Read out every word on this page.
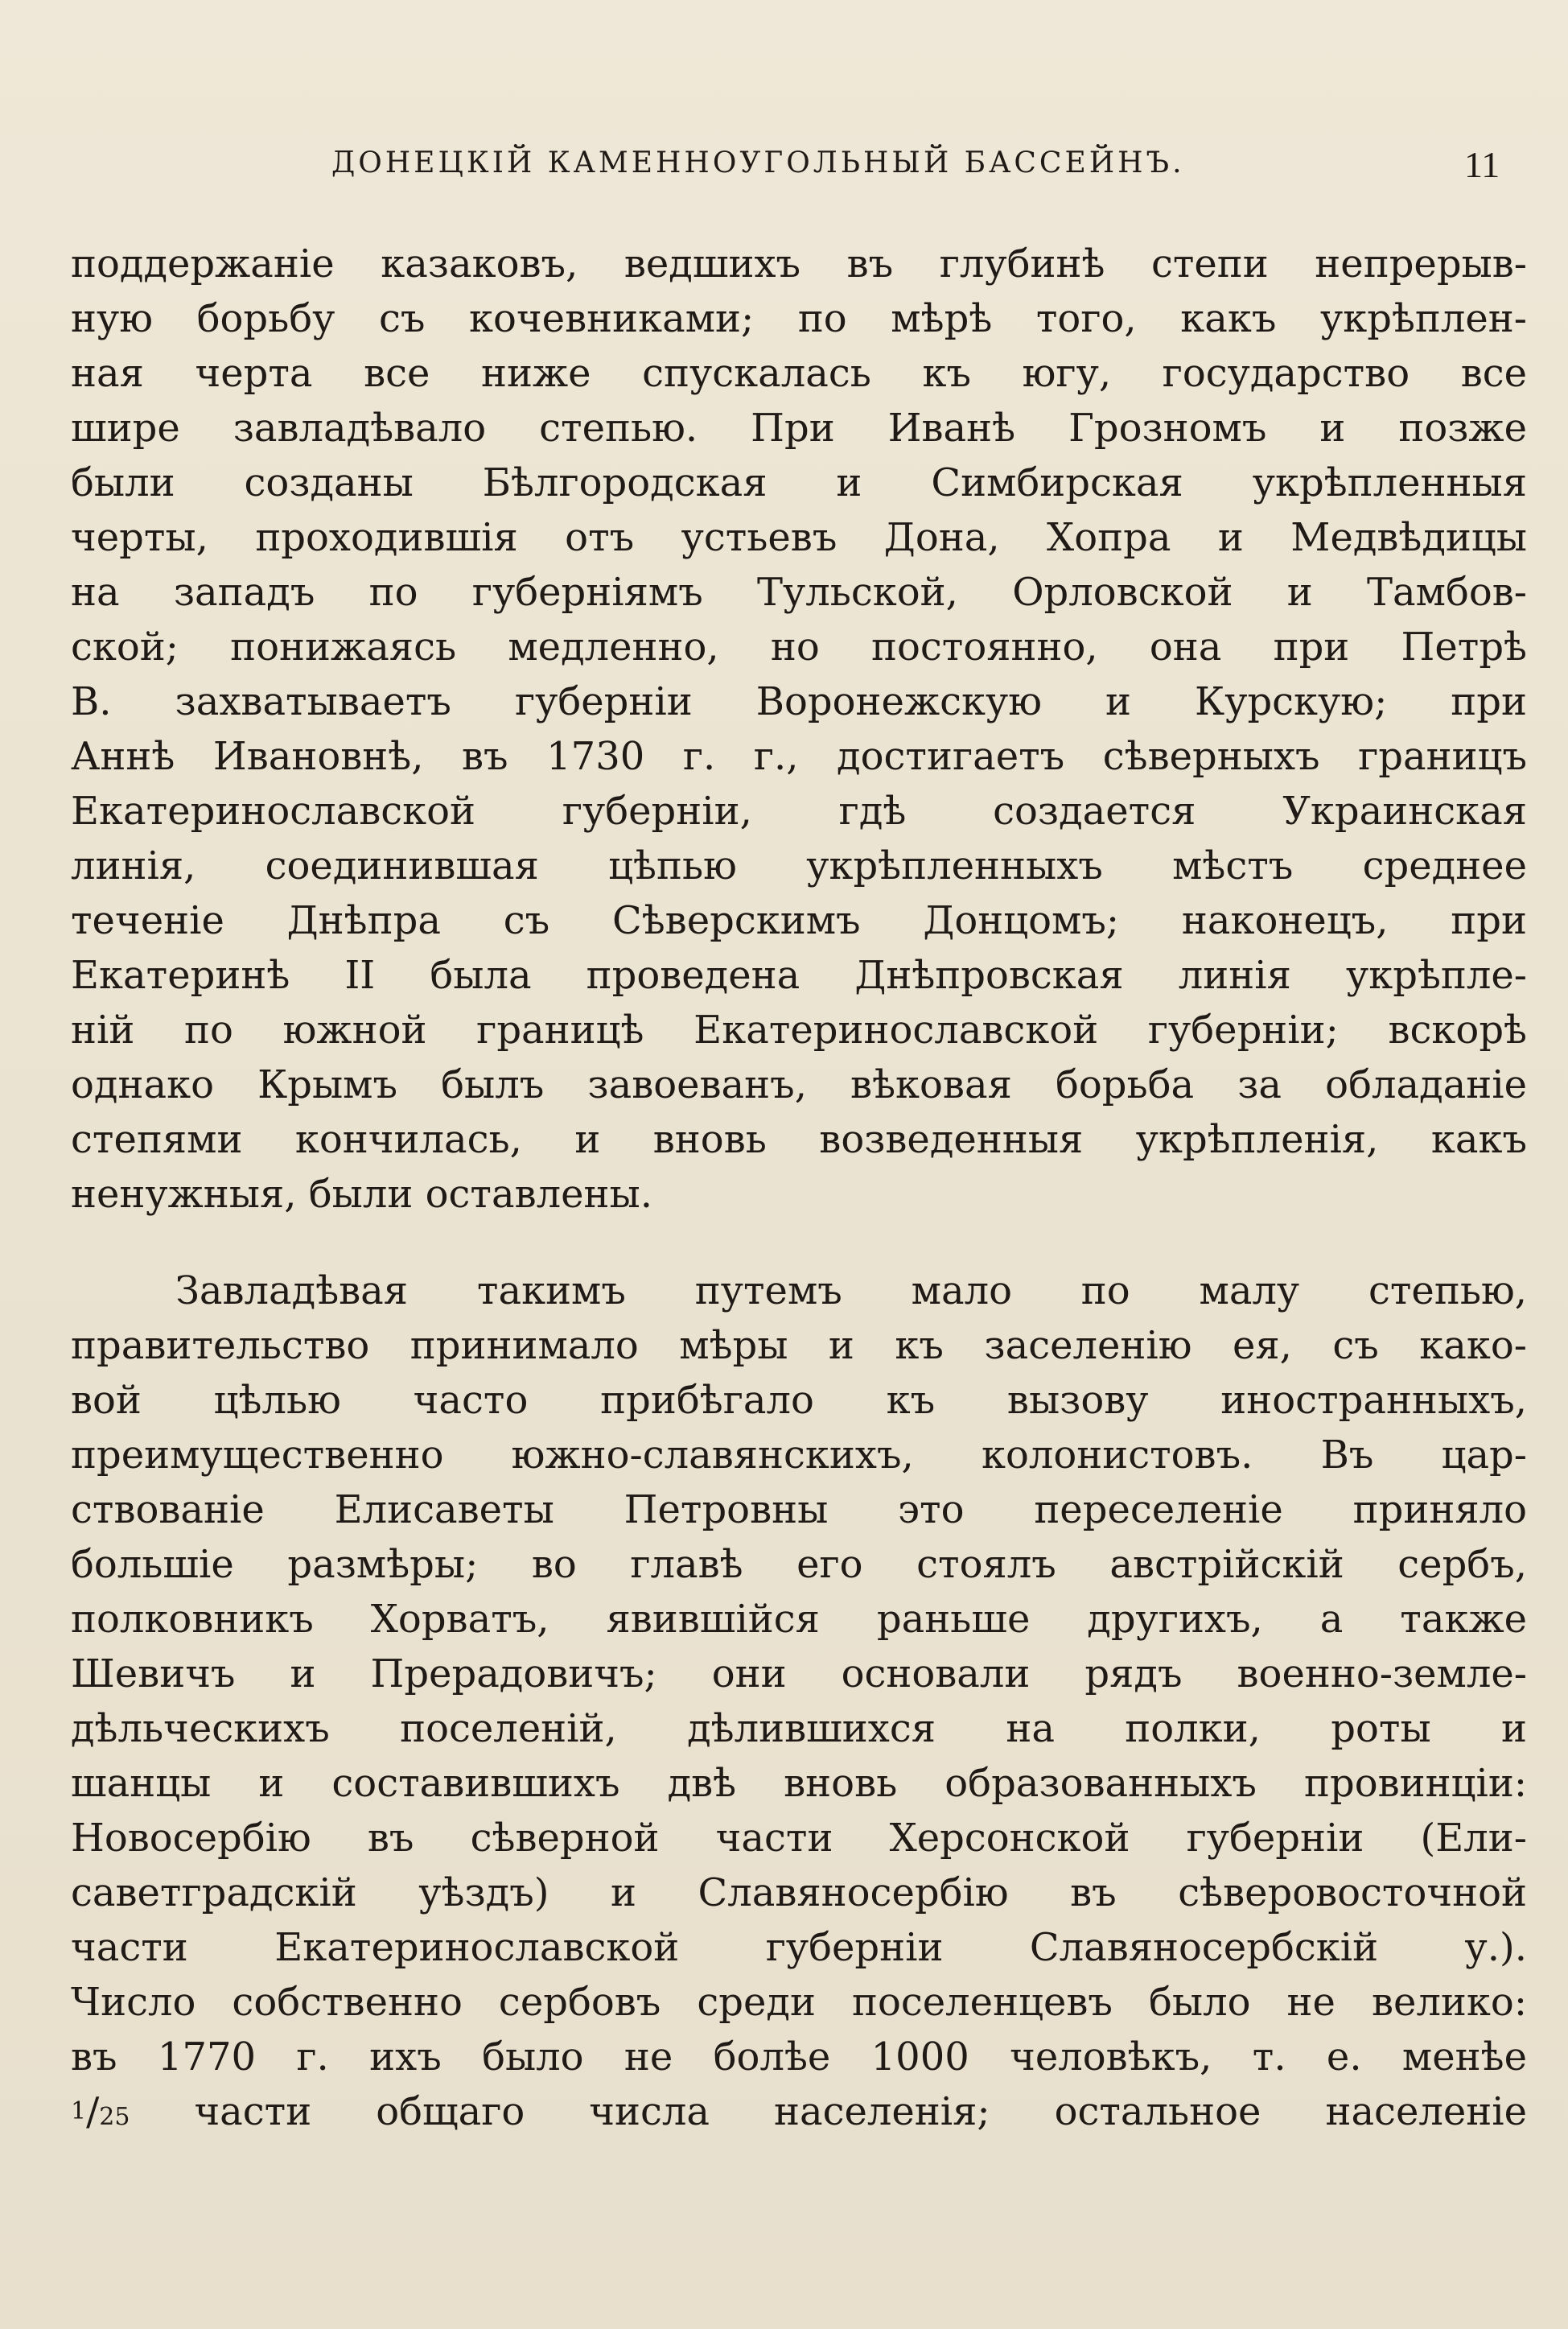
ДОНЕЦКІЙ КАМЕННОУГОЛЬНЫЙ БАССЕЙНЪ.	11
поддержаніе казаковъ, ведшихъ въ глубинѣ степи непрерыв-
ную борьбу съ кочевниками; по мѣрѣ того, какъ укрѣплен-
ная черта все ниже спускалась къ югу, государство все
шире завладѣвало степью. При Иванѣ Грозномъ и позже
были созданы Бѣлгородская и Симбирская укрѣпленныя
черты, проходившія отъ устьевъ Дона, Хопра и Медвѣдицы
на западъ по губерніямъ Тульской, Орловской и Тамбов-
ской; понижаясь медленно, но постоянно, она при Петрѣ
В. захватываетъ губерніи Воронежскую и Курскую; при
Аннѣ Ивановнѣ, въ 1730 г. г., достигаетъ сѣверныхъ границъ
Екатеринославской губерніи, гдѣ создается Украинская
линія, соединившая цѣпью укрѣпленныхъ мѣстъ среднее
теченіе Днѣпра съ Сѣверскимъ Донцомъ; наконецъ, при
Екатеринѣ II была проведена Днѣпровская линія укрѣпле-
ній по южной границѣ Екатеринославской губерніи; вскорѣ
однако Крымъ былъ завоеванъ, вѣковая борьба за обладаніе
степями кончилась, и вновь возведенныя укрѣпленія, какъ
ненужныя, были оставлены.
Завладѣвая такимъ путемъ мало по малу степью,
правительство принимало мѣры и къ заселенію ея, съ како-
вой цѣлью часто прибѣгало къ вызову иностранныхъ,
преимущественно южно-славянскихъ, колонистовъ. Въ цар-
ствованіе Елисаветы Петровны это переселеніе приняло
большіе размѣры; во главѣ его стоялъ австрійскій сербъ,
полковникъ Хорватъ, явившійся раньше другихъ, а также
Шевичъ и Прерадовичъ; они основали рядъ военно-земле-
дѣльческихъ поселеній, дѣлившихся на полки, роты и
шанцы и составившихъ двѣ вновь образованныхъ провинціи:
Новосербію въ сѣверной части Херсонской губерніи (Ели-
саветградскій уѣздъ) и Славяносербію въ сѣверовосточной
части Екатеринославской губерніи Славяносербскій у.).
Число собственно сербовъ среди поселенцевъ было не велико:
въ 1770 г. ихъ было не болѣе 1000 человѣкъ, т. е. менѣе
$^1$/25 части общаго числа населенія; остальное населеніе
